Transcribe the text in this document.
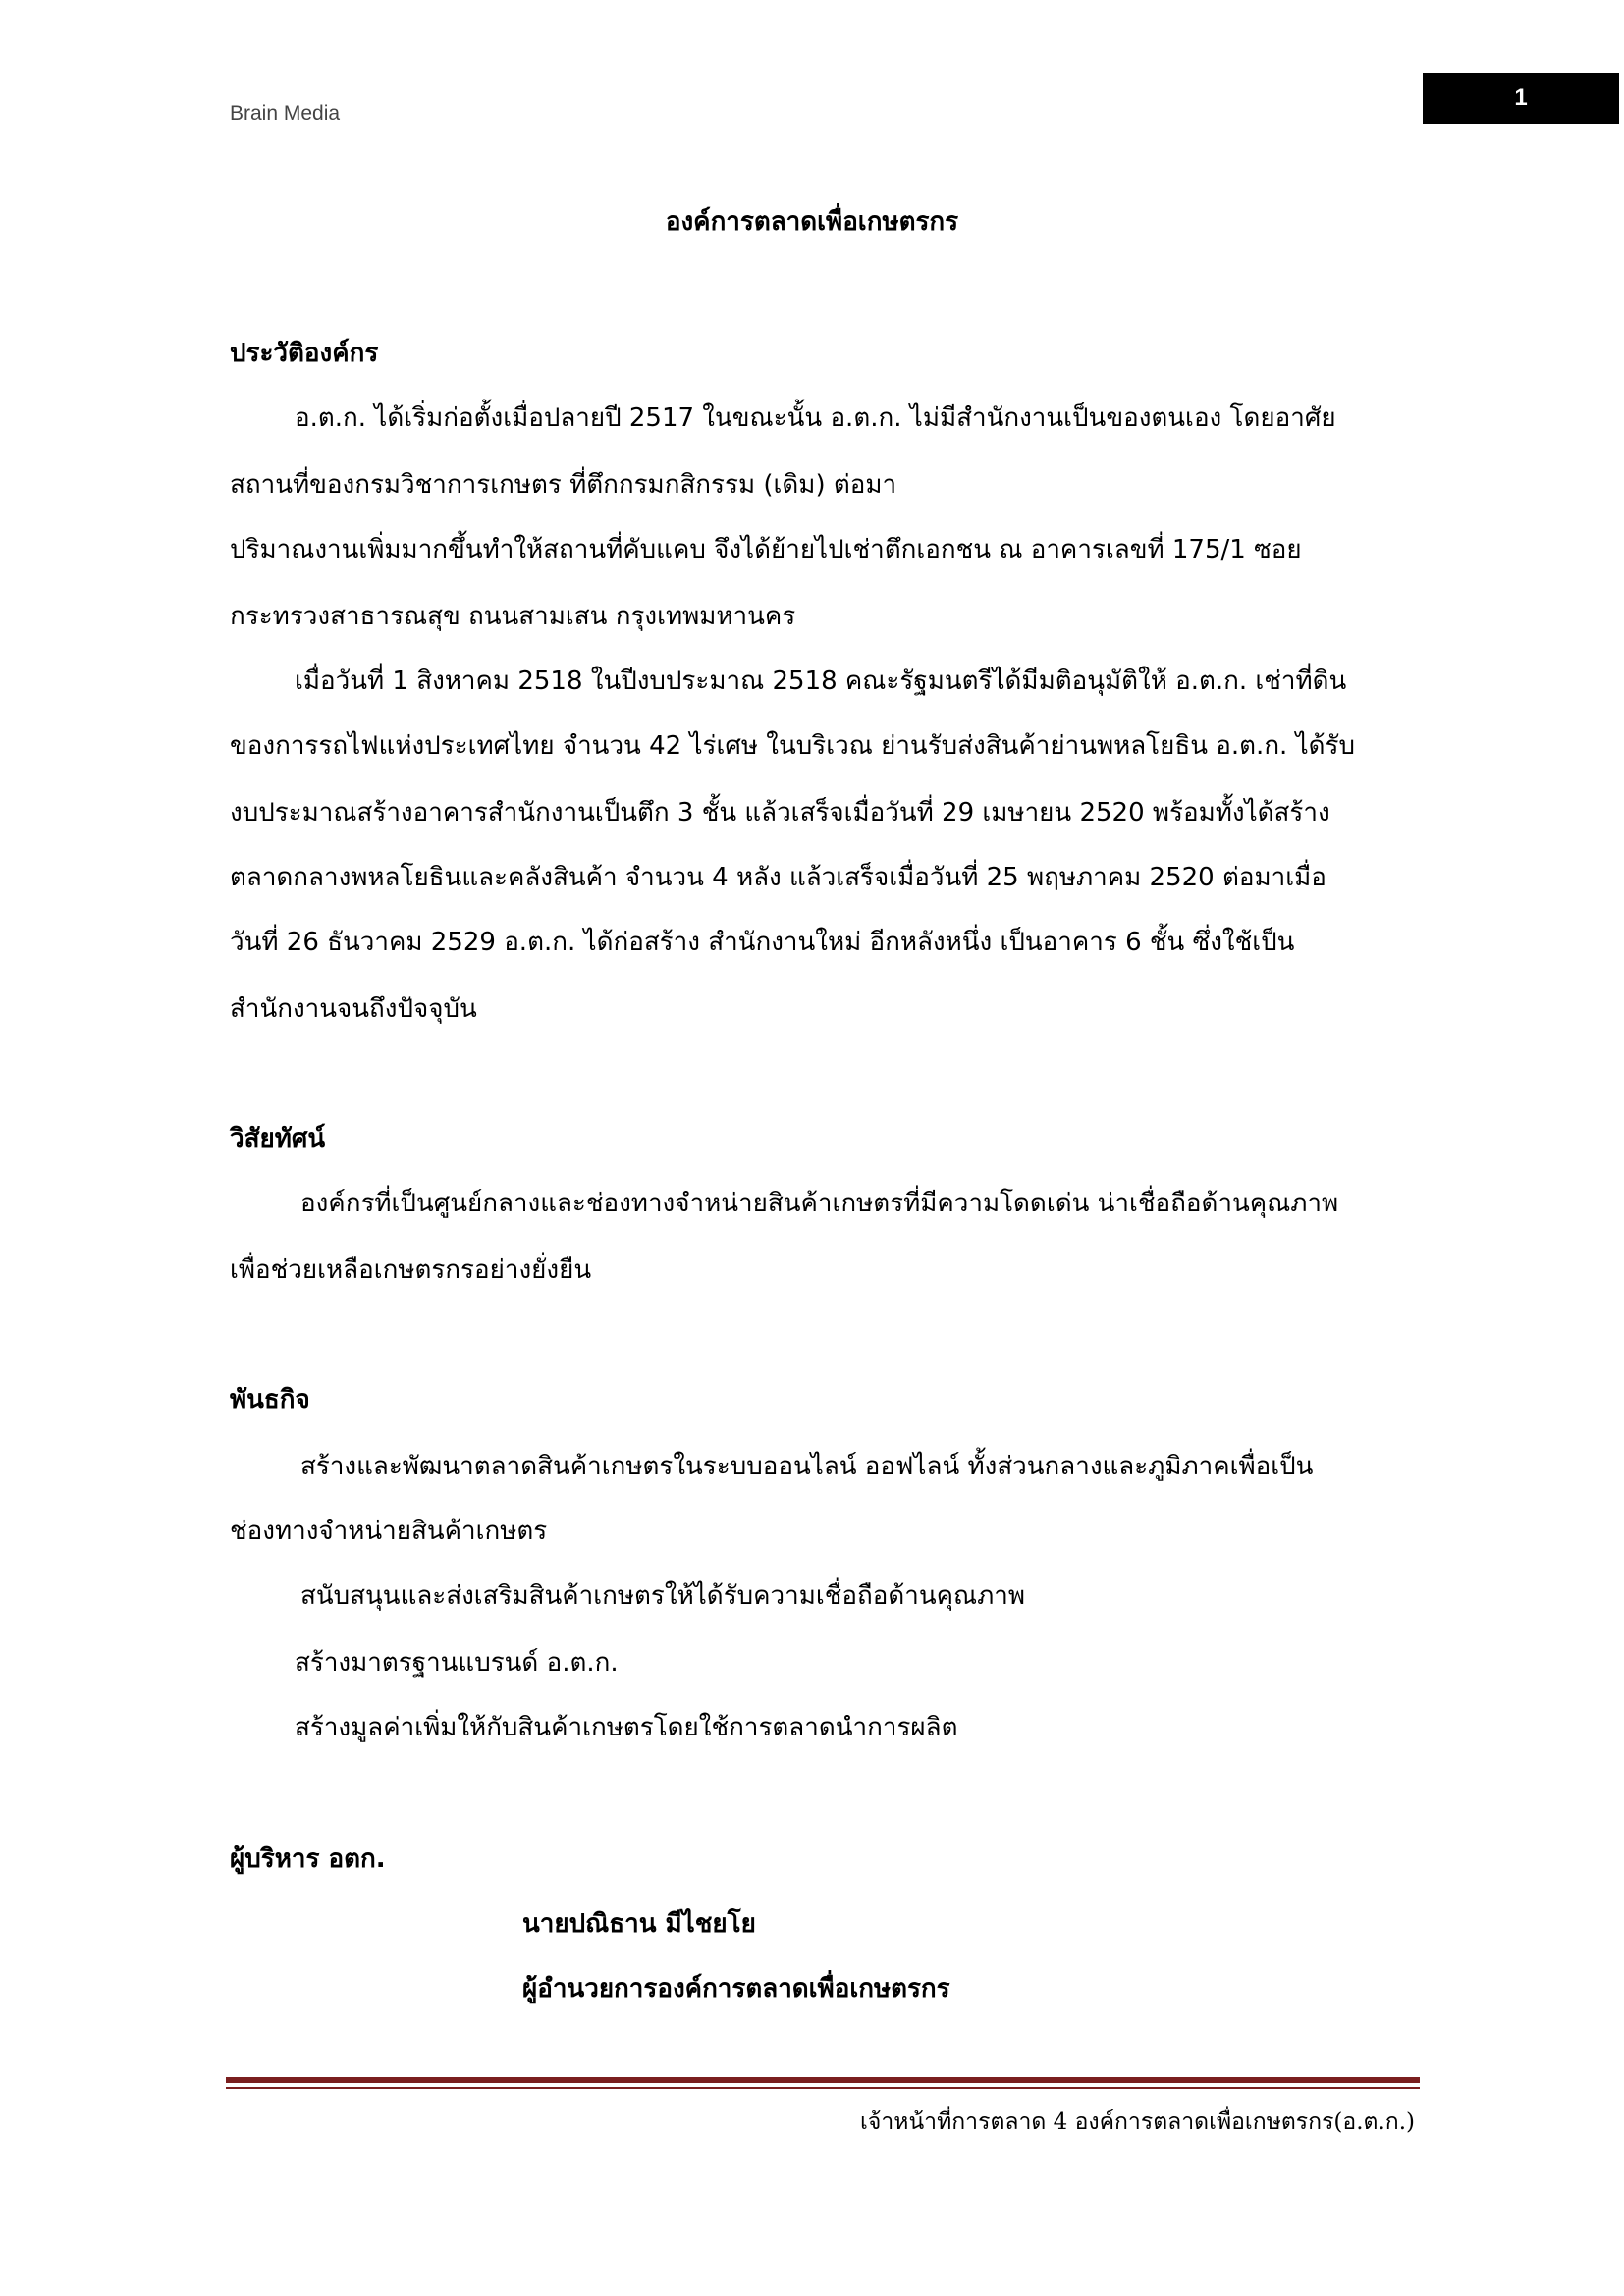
Brain Media
1
องค์การตลาดเพื่อเกษตรกร
ประวัติองค์กร
อ.ต.ก. ได้เริ่มก่อตั้งเมื่อปลายปี 2517 ในขณะนั้น อ.ต.ก. ไม่มีสำนักงานเป็นของตนเอง โดยอาศัย
สถานที่ของกรมวิชาการเกษตร ที่ตึกกรมกสิกรรม (เดิม) ต่อมา
ปริมาณงานเพิ่มมากขึ้นทำให้สถานที่คับแคบ จึงได้ย้ายไปเช่าตึกเอกชน ณ อาคารเลขที่ 175/1 ซอย
กระทรวงสาธารณสุข ถนนสามเสน กรุงเทพมหานคร
เมื่อวันที่ 1 สิงหาคม 2518 ในปีงบประมาณ 2518 คณะรัฐมนตรีได้มีมติอนุมัติให้ อ.ต.ก. เช่าที่ดิน
ของการรถไฟแห่งประเทศไทย จำนวน 42 ไร่เศษ ในบริเวณ ย่านรับส่งสินค้าย่านพหลโยธิน อ.ต.ก. ได้รับ
งบประมาณสร้างอาคารสำนักงานเป็นตึก 3 ชั้น แล้วเสร็จเมื่อวันที่ 29 เมษายน 2520 พร้อมทั้งได้สร้าง
ตลาดกลางพหลโยธินและคลังสินค้า จำนวน 4 หลัง แล้วเสร็จเมื่อวันที่ 25 พฤษภาคม 2520 ต่อมาเมื่อ
วันที่ 26 ธันวาคม 2529 อ.ต.ก. ได้ก่อสร้าง สำนักงานใหม่ อีกหลังหนึ่ง เป็นอาคาร 6 ชั้น ซึ่งใช้เป็น
สำนักงานจนถึงปัจจุบัน
วิสัยทัศน์
องค์กรที่เป็นศูนย์กลางและช่องทางจำหน่ายสินค้าเกษตรที่มีความโดดเด่น น่าเชื่อถือด้านคุณภาพ
เพื่อช่วยเหลือเกษตรกรอย่างยั่งยืน
พันธกิจ
สร้างและพัฒนาตลาดสินค้าเกษตรในระบบออนไลน์ ออฟไลน์ ทั้งส่วนกลางและภูมิภาคเพื่อเป็น
ช่องทางจำหน่ายสินค้าเกษตร
สนับสนุนและส่งเสริมสินค้าเกษตรให้ได้รับความเชื่อถือด้านคุณภาพ
สร้างมาตรฐานแบรนด์ อ.ต.ก.
สร้างมูลค่าเพิ่มให้กับสินค้าเกษตรโดยใช้การตลาดนำการผลิต
ผู้บริหาร อตก.
นายปณิธาน มีไชยโย
ผู้อำนวยการองค์การตลาดเพื่อเกษตรกร
เจ้าหน้าที่การตลาด 4 องค์การตลาดเพื่อเกษตรกร(อ.ต.ก.)
